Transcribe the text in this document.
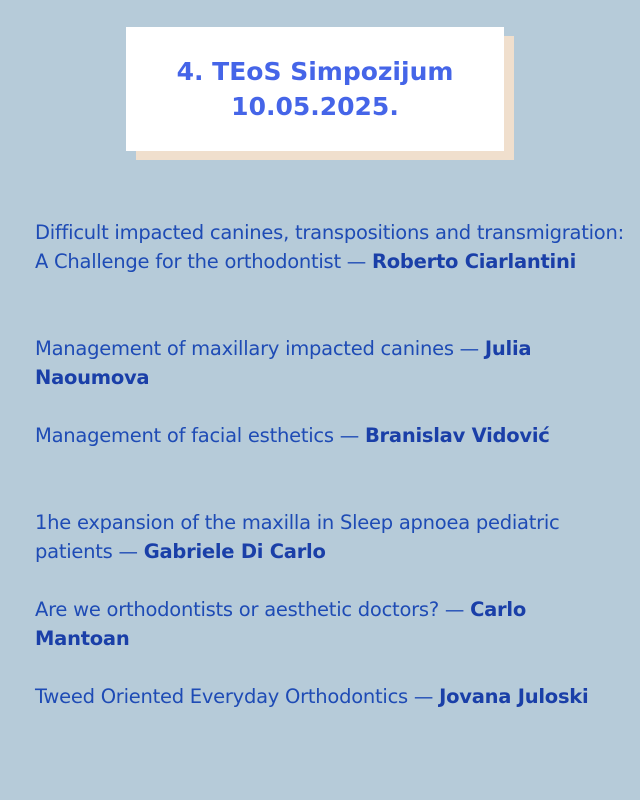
4. TEoS Simpozijum
10.05.2025.
Difficult impacted canines, transpositions and transmigration: A Challenge for the orthodontist — Roberto Ciarlantini
Management of maxillary impacted canines — Julia Naoumova
Management of facial esthetics — Branislav Vidović
1he expansion of the maxilla in Sleep apnoea pediatric patients — Gabriele Di Carlo
Are we orthodontists or aesthetic doctors? — Carlo Mantoan
Tweed Oriented Everyday Orthodontics — Jovana Juloski
